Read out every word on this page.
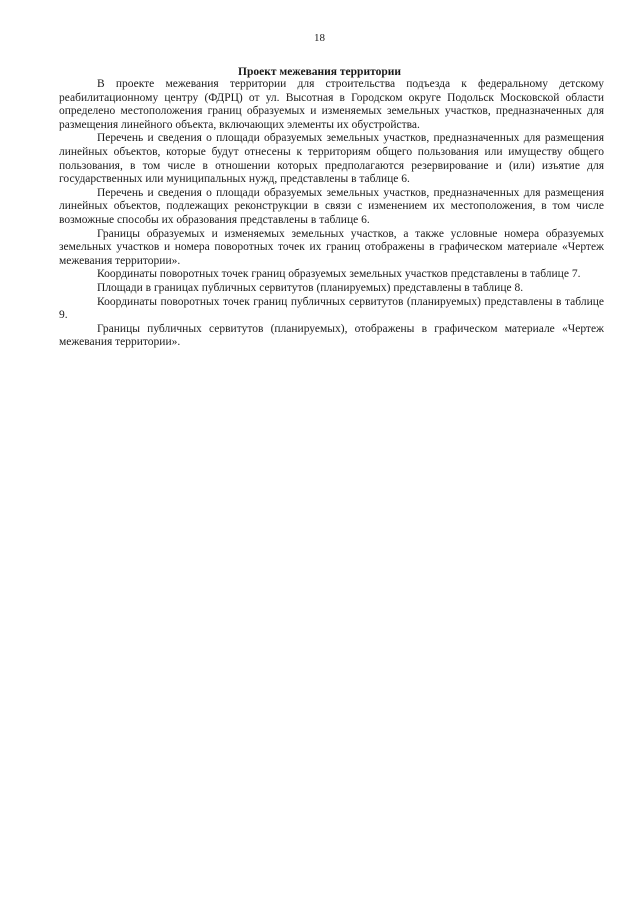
18
Проект межевания территории

В проекте межевания территории для строительства подъезда к федеральному детскому реабилитационному центру (ФДРЦ) от ул. Высотная в Городском округе Подольск Московской области определено местоположения границ образуемых и изменяемых земельных участков, предназначенных для размещения линейного объекта, включающих элементы их обустройства.

Перечень и сведения о площади образуемых земельных участков, предназначенных для размещения линейных объектов, которые будут отнесены к территориям общего пользования или имуществу общего пользования, в том числе в отношении которых предполагаются резервирование и (или) изъятие для государственных или муниципальных нужд, представлены в таблице 6.

Перечень и сведения о площади образуемых земельных участков, предназначенных для размещения линейных объектов, подлежащих реконструкции в связи с изменением их местоположения, в том числе возможные способы их образования представлены в таблице 6.

Границы образуемых и изменяемых земельных участков, а также условные номера образуемых земельных участков и номера поворотных точек их границ отображены в графическом материале «Чертеж межевания территории».

Координаты поворотных точек границ образуемых земельных участков представлены в таблице 7.

Площади в границах публичных сервитутов (планируемых) представлены в таблице 8.

Координаты поворотных точек границ публичных сервитутов (планируемых) представлены в таблице 9.

Границы публичных сервитутов (планируемых), отображены в графическом материале «Чертеж межевания территории».
